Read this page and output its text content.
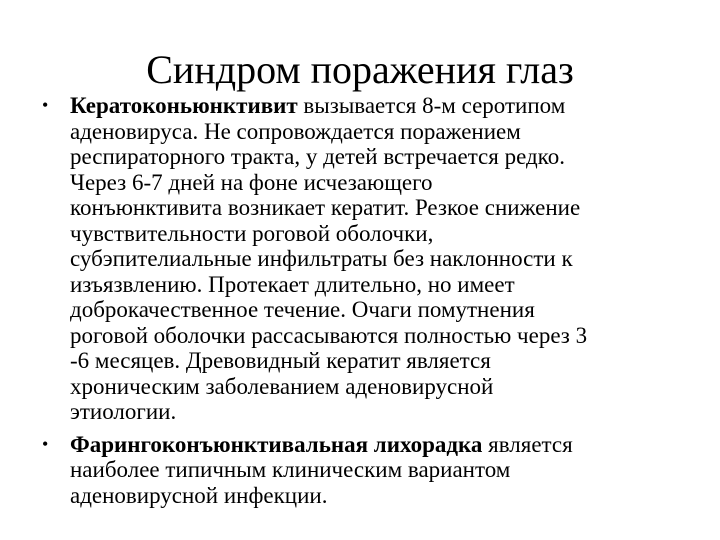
Синдром поражения глаз
• Кератоконьюнктивит вызывается 8-м серотипом
аденовируса. Не сопровождается поражением
респираторного тракта, у детей встречается редко.
Через 6-7 дней на фоне исчезающего
конъюнктивита возникает кератит. Резкое снижение
чувствительности роговой оболочки,
субэпителиальные инфильтраты без наклонности к
изъязвлению. Протекает длительно, но имеет
доброкачественное течение. Очаги помутнения
роговой оболочки рассасываются полностью через 3
-6 месяцев. Древовидный кератит является
хроническим заболеванием аденовирусной
этиологии.
• Фарингоконъюнктивальная лихорадка является
наиболее типичным клиническим вариантом
аденовирусной инфекции.
